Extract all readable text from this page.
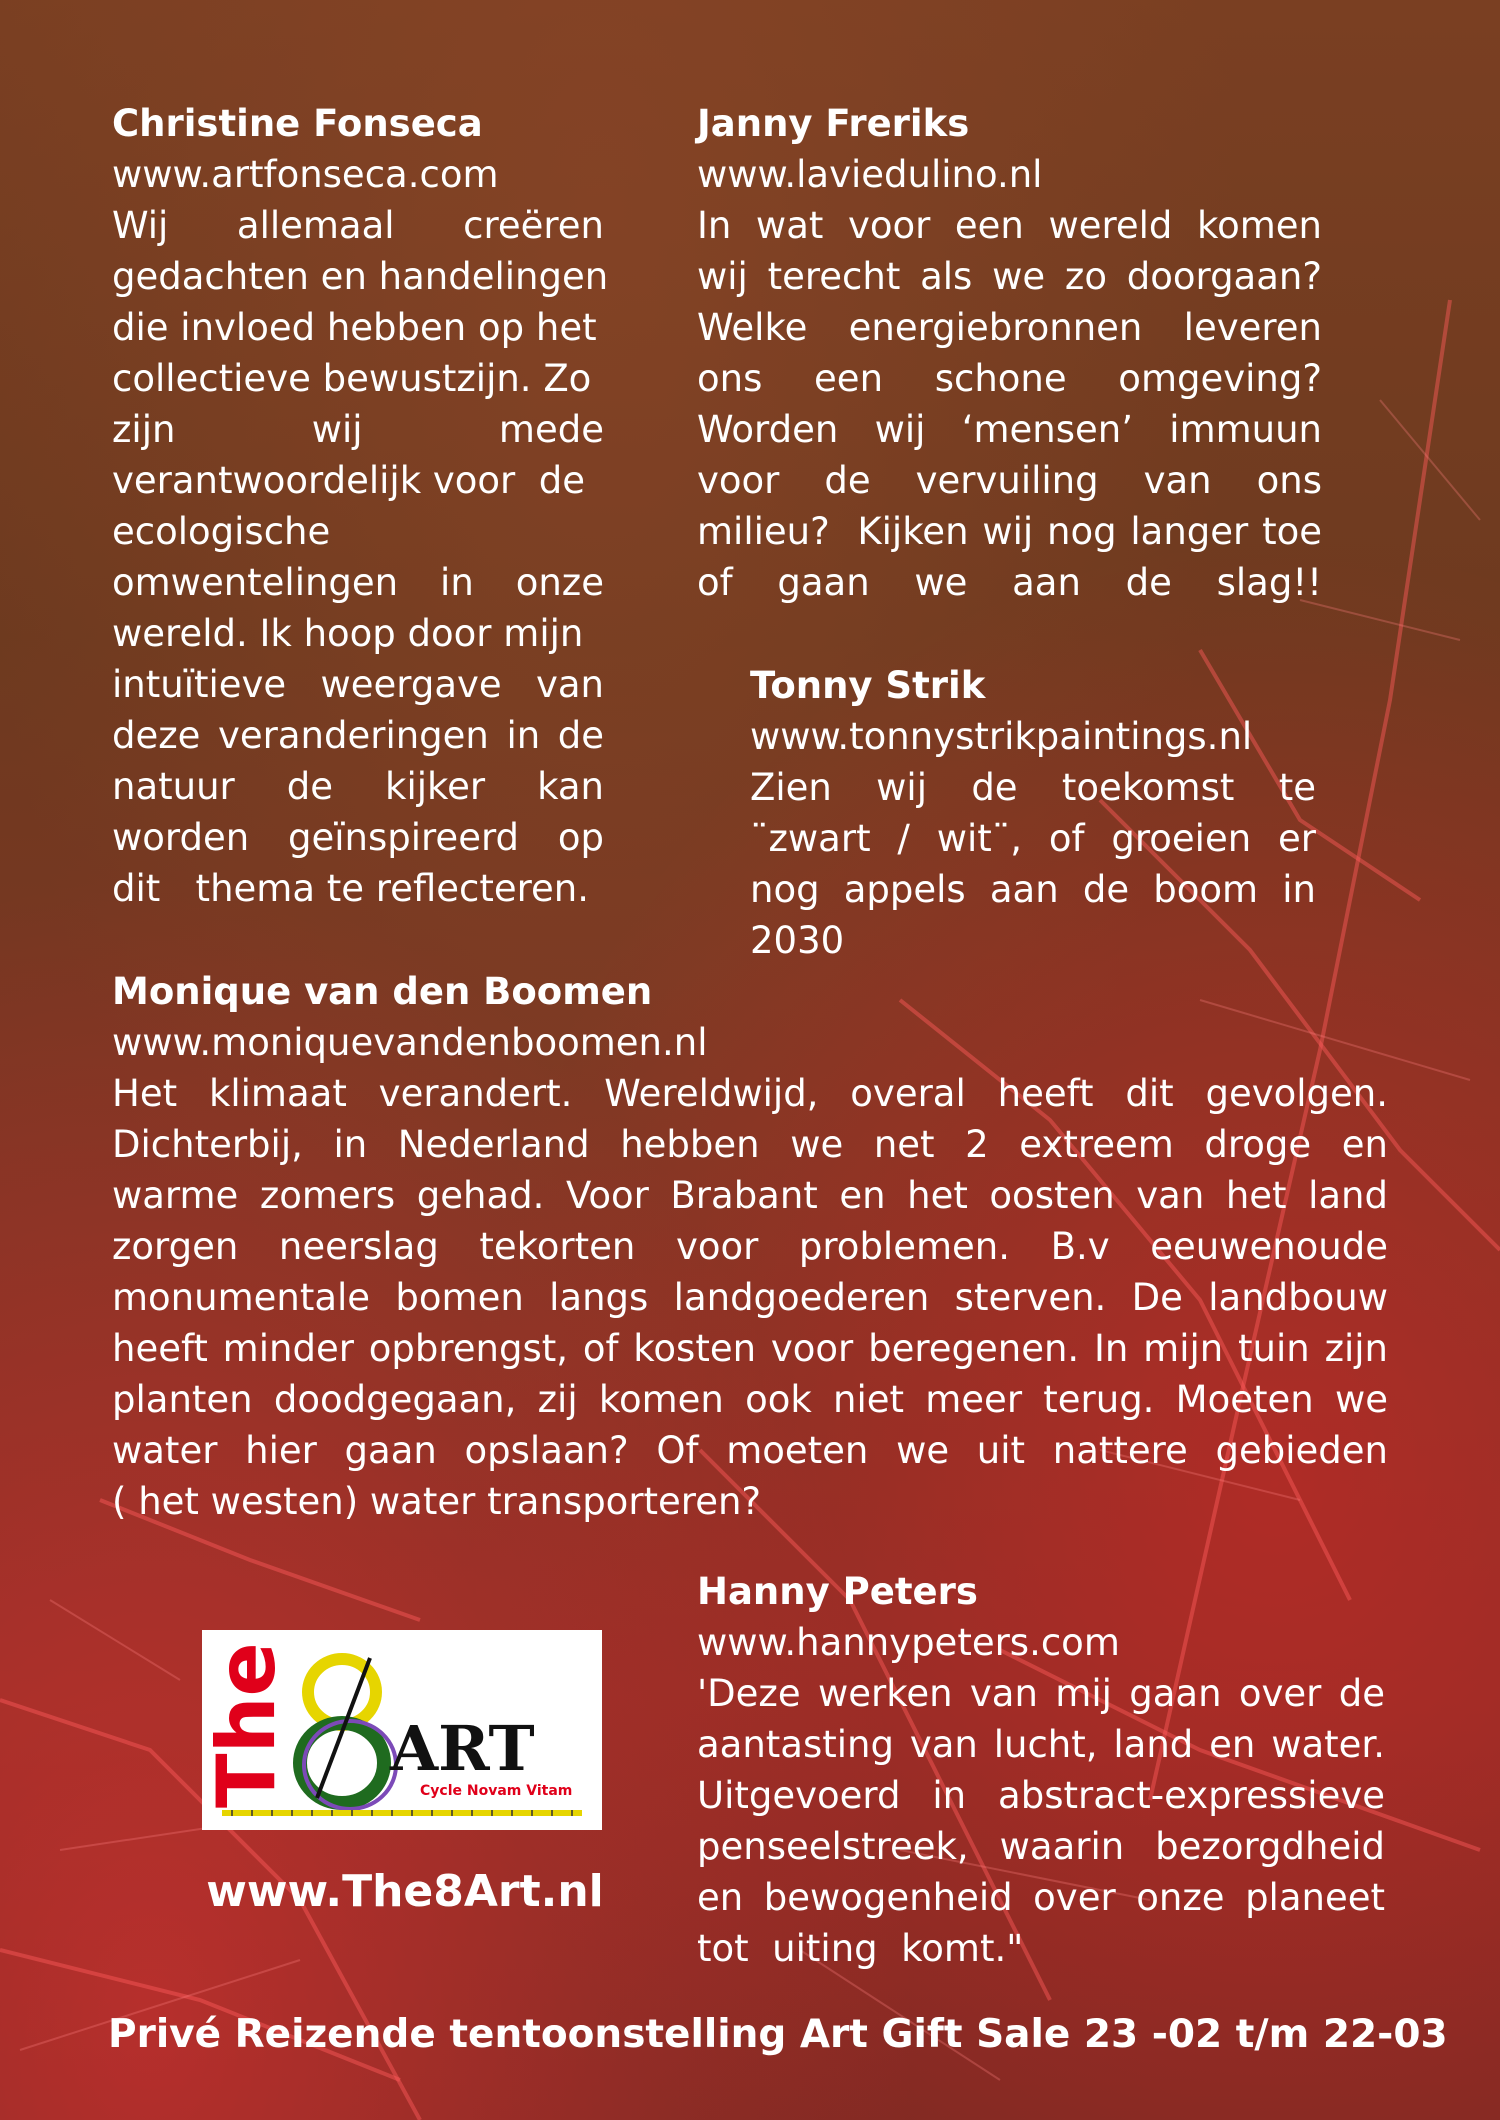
Christine Fonseca
www.artfonseca.com
Wij allemaal creëren
gedachten en handelingen
die invloed hebben op het
collectieve bewustzijn. Zo
zijn wij mede
verantwoordelijk voor  de
ecologische
omwentelingen in onze
wereld. Ik hoop door mijn
intuïtieve weergave van
deze veranderingen in de
natuur de kijker kan
worden geïnspireerd op
dit   thema te reflecteren.
Janny Freriks
www.laviedulino.nl
In wat voor een wereld komen
wij terecht als we zo doorgaan?
Welke energiebronnen leveren
ons een schone omgeving?
Worden wij ‘mensen’ immuun
voor de vervuiling van ons
milieu?  Kijken wij nog langer toe
of gaan we aan de slag!!
Tonny Strik
www.tonnystrikpaintings.nl
Zien wij de toekomst te
¨zwart / wit¨, of groeien er
nog appels aan de boom in
2030
Monique van den Boomen
www.moniquevandenboomen.nl
Het klimaat verandert. Wereldwijd, overal heeft dit gevolgen.
Dichterbij, in Nederland hebben we net 2 extreem droge en
warme zomers gehad. Voor Brabant en het oosten van het land
zorgen neerslag tekorten voor problemen. B.v eeuwenoude
monumentale bomen langs landgoederen sterven. De landbouw
heeft minder opbrengst, of kosten voor beregenen. In mijn tuin zijn
planten doodgegaan, zij komen ook niet meer terug. Moeten we
water hier gaan opslaan? Of moeten we uit nattere gebieden
( het westen) water transporteren?
Hanny Peters
www.hannypeters.com
'Deze werken van mij gaan over de
aantasting van lucht, land en water.
Uitgevoerd in abstract-expressieve
penseelstreek, waarin bezorgdheid
en bewogenheid over onze planeet
tot  uiting  komt."
The ART
Cycle Novam Vitam
www.The8Art.nl
Privé Reizende tentoonstelling Art Gift Sale 23 -02 t/m 22-03
